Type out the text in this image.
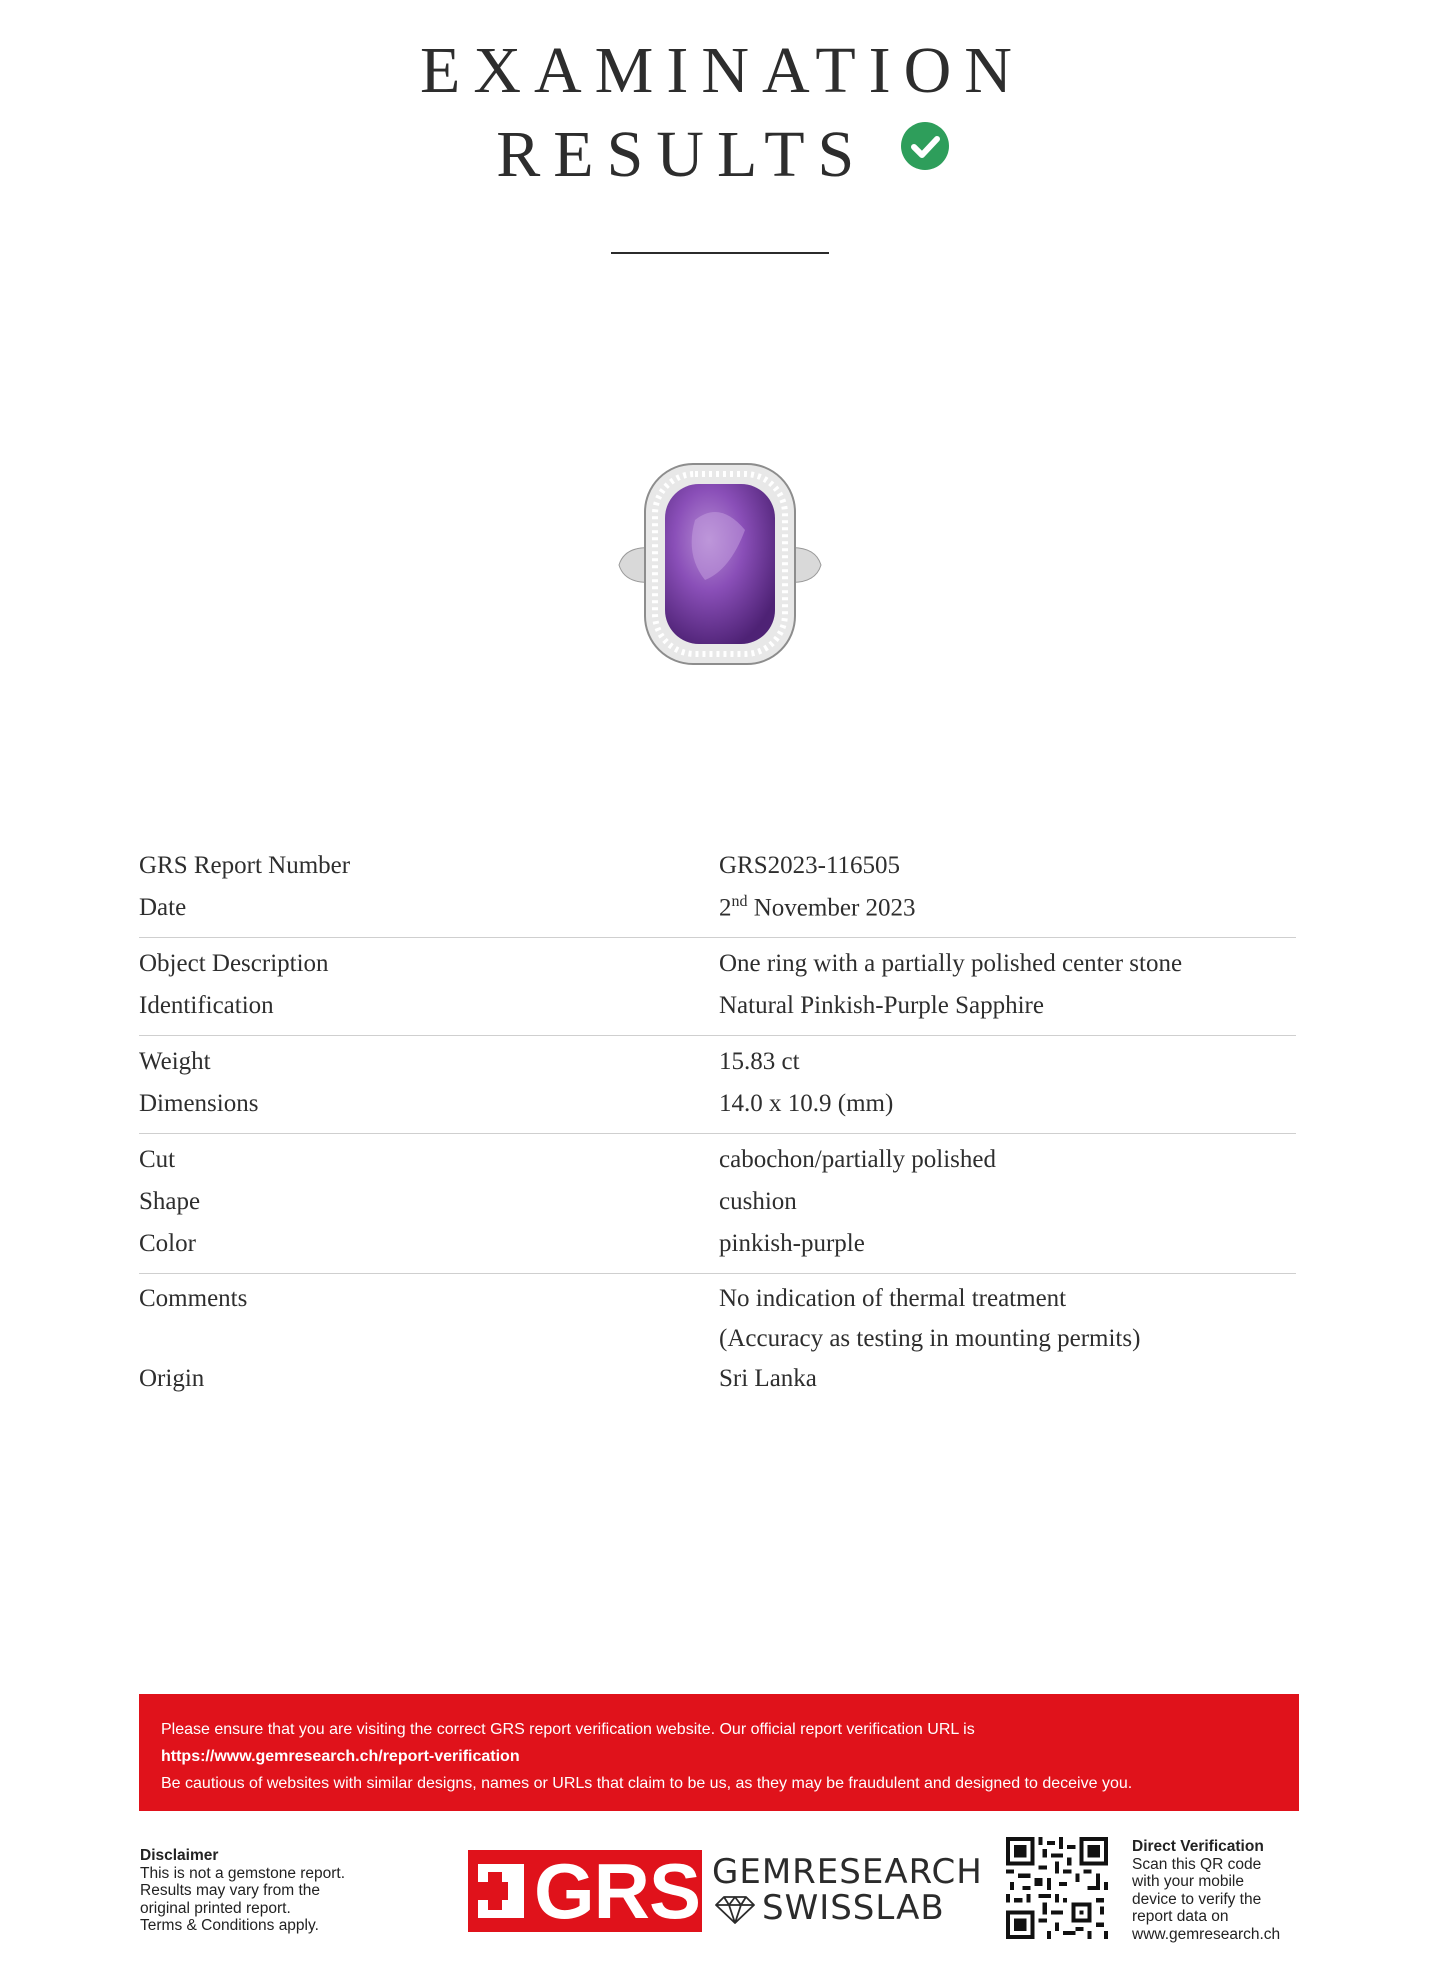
EXAMINATION
RESULTS
GRS Report Number	GRS2023-116505
Date	2nd November 2023
Object Description	One ring with a partially polished center stone
Identification	Natural Pinkish-Purple Sapphire
Weight	15.83 ct
Dimensions	14.0 x 10.9 (mm)
Cut	cabochon/partially polished
Shape	cushion
Color	pinkish-purple
Comments	No indication of thermal treatment
(Accuracy as testing in mounting permits)
Origin	Sri Lanka
Please ensure that you are visiting the correct GRS report verification website. Our official report verification URL is
https://www.gemresearch.ch/report-verification
Be cautious of websites with similar designs, names or URLs that claim to be us, as they may be fraudulent and designed to deceive you.
Disclaimer
This is not a gemstone report.
Results may vary from the
original printed report.
Terms & Conditions apply.	GRS GEMRESEARCH
SWISSLAB
Direct Verification
Scan this QR code
with your mobile
device to verify the
report data on
www.gemresearch.ch
